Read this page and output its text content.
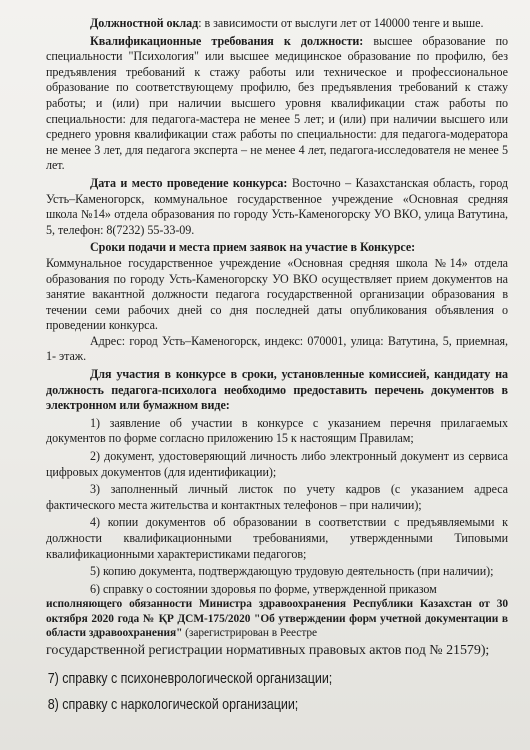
Должностной оклад: в зависимости от выслуги лет от 140000 тенге и выше.

Квалификационные требования к должности: высшее образование по специальности "Психология" или высшее медицинское образование по профилю, без предъявления требований к стажу работы или техническое и профессиональное образование по соответствующему профилю, без предъявления требований к стажу работы; и (или) при наличии высшего уровня квалификации стаж работы по специальности: для педагога-мастера не менее 5 лет; и (или) при наличии высшего или среднего уровня квалификации стаж работы по специальности: для педагога-модератора не менее 3 лет, для педагога эксперта – не менее 4 лет, педагога-исследователя не менее 5 лет.

Дата и место проведение конкурса: Восточно – Казахстанская область, город Усть–Каменогорск, коммунальное государственное учреждение «Основная средняя школа №14» отдела образования по городу Усть-Каменогорску УО ВКО, улица Ватутина, 5, телефон: 8(7232) 55-33-09.

Сроки подачи и места прием заявок на участие в Конкурсе:

Коммунальное государственное учреждение «Основная средняя школа №14» отдела образования по городу Усть-Каменогорску УО ВКО осуществляет прием документов на занятие вакантной должности педагога государственной организации образования в течении семи рабочих дней со дня последней даты опубликования объявления о проведении конкурса.

Адрес: город Усть–Каменогорск, индекс: 070001, улица: Ватутина, 5, приемная, 1- этаж.

Для участия в конкурсе в сроки, установленные комиссией, кандидату на должность педагога-психолога необходимо предоставить перечень документов в электронном или бумажном виде:

1) заявление об участии в конкурсе с указанием перечня прилагаемых документов по форме согласно приложению 15 к настоящим Правилам;

2) документ, удостоверяющий личность либо электронный документ из сервиса цифровых документов (для идентификации);

3) заполненный личный листок по учету кадров (с указанием адреса фактического места жительства и контактных телефонов – при наличии);

4) копии документов об образовании в соответствии с предъявляемыми к должности квалификационными требованиями, утвержденными Типовыми квалификационными характеристиками педагогов;

5) копию документа, подтверждающую трудовую деятельность (при наличии);

6) справку о состоянии здоровья по форме, утвержденной приказом

исполняющего обязанности Министра здравоохранения Республики Казахстан от 30 октября 2020 года № ҚР ДСМ-175/2020 "Об утверждении форм учетной документации в области здравоохранения" (зарегистрирован в Реестре

государственной регистрации нормативных правовых актов под № 21579);

7) справку с психоневрологической организации;
8) справку с наркологической организации;
